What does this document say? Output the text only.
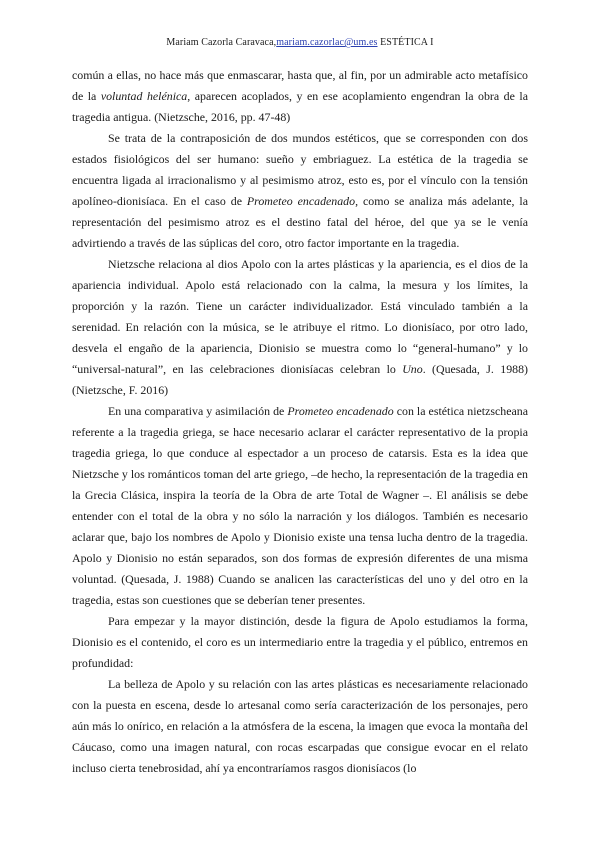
Mariam Cazorla Caravaca,mariam.cazorlac@um.es ESTÉTICA I

común a ellas, no hace más que enmascarar, hasta que, al fin, por un admirable acto metafísico de la voluntad helénica, aparecen acoplados, y en ese acoplamiento engendran la obra de la tragedia antigua. (Nietzsche, 2016, pp. 47-48)

Se trata de la contraposición de dos mundos estéticos, que se corresponden con dos estados fisiológicos del ser humano: sueño y embriaguez. La estética de la tragedia se encuentra ligada al irracionalismo y al pesimismo atroz, esto es, por el vínculo con la tensión apolíneo-dionisíaca. En el caso de Prometeo encadenado, como se analiza más adelante, la representación del pesimismo atroz es el destino fatal del héroe, del que ya se le venía advirtiendo a través de las súplicas del coro, otro factor importante en la tragedia.

Nietzsche relaciona al dios Apolo con la artes plásticas y la apariencia, es el dios de la apariencia individual. Apolo está relacionado con la calma, la mesura y los límites, la proporción y la razón. Tiene un carácter individualizador. Está vinculado también a la serenidad. En relación con la música, se le atribuye el ritmo. Lo dionisíaco, por otro lado, desvela el engaño de la apariencia, Dionisio se muestra como lo “general-humano” y lo “universal-natural”, en las celebraciones dionisíacas celebran lo Uno. (Quesada, J. 1988) (Nietzsche, F. 2016)

En una comparativa y asimilación de Prometeo encadenado con la estética nietzscheana referente a la tragedia griega, se hace necesario aclarar el carácter representativo de la propia tragedia griega, lo que conduce al espectador a un proceso de catarsis. Esta es la idea que Nietzsche y los románticos toman del arte griego, –de hecho, la representación de la tragedia en la Grecia Clásica, inspira la teoría de la Obra de arte Total de Wagner –. El análisis se debe entender con el total de la obra y no sólo la narración y los diálogos. También es necesario aclarar que, bajo los nombres de Apolo y Dionisio existe una tensa lucha dentro de la tragedia. Apolo y Dionisio no están separados, son dos formas de expresión diferentes de una misma voluntad. (Quesada, J. 1988) Cuando se analicen las características del uno y del otro en la tragedia, estas son cuestiones que se deberían tener presentes.

Para empezar y la mayor distinción, desde la figura de Apolo estudiamos la forma, Dionisio es el contenido, el coro es un intermediario entre la tragedia y el público, entremos en profundidad:

La belleza de Apolo y su relación con las artes plásticas es necesariamente relacionado con la puesta en escena, desde lo artesanal como sería caracterización de los personajes, pero aún más lo onírico, en relación a la atmósfera de la escena, la imagen que evoca la montaña del Cáucaso, como una imagen natural, con rocas escarpadas que consigue evocar en el relato incluso cierta tenebrosidad, ahí ya encontraríamos rasgos dionisíacos (lo
